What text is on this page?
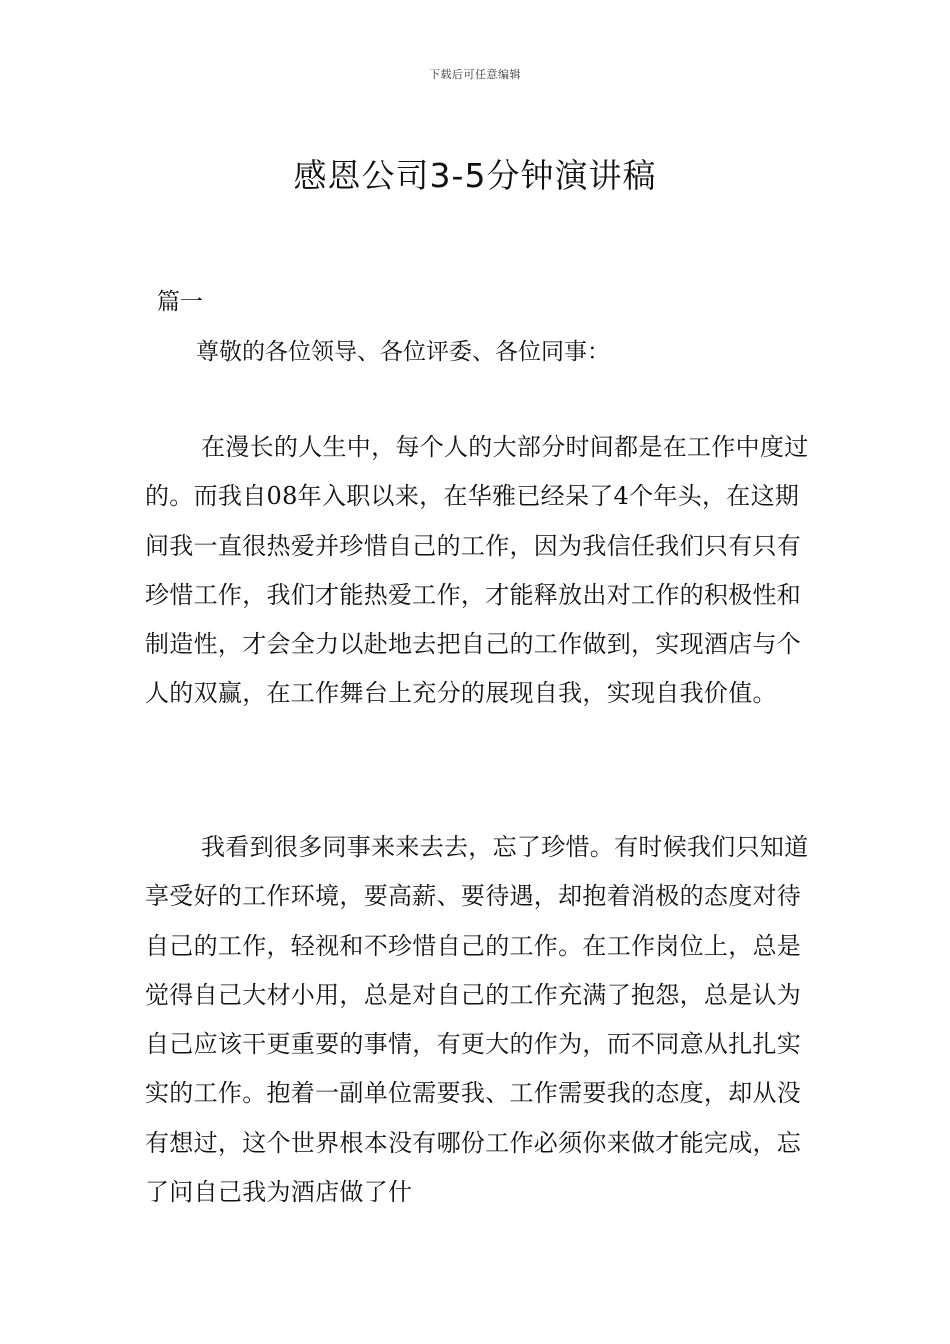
下载后可任意编辑
感恩公司3-5分钟演讲稿
篇一
尊敬的各位领导、各位评委、各位同事：

在漫长的人生中，每个人的大部分时间都是在工作中度过的。而我自08年入职以来，在华雅已经呆了4个年头，在这期间我一直很热爱并珍惜自己的工作，因为我信任我们只有只有珍惜工作，我们才能热爱工作，才能释放出对工作的积极性和制造性，才会全力以赴地去把自己的工作做到，实现酒店与个人的双赢，在工作舞台上充分的展现自我，实现自我价值。

我看到很多同事来来去去，忘了珍惜。有时候我们只知道享受好的工作环境，要高薪、要待遇，却抱着消极的态度对待自己的工作，轻视和不珍惜自己的工作。在工作岗位上，总是觉得自己大材小用，总是对自己的工作充满了抱怨，总是认为自己应该干更重要的事情，有更大的作为，而不同意从扎扎实实的工作。抱着一副单位需要我、工作需要我的态度，却从没有想过，这个世界根本没有哪份工作必须你来做才能完成，忘了问自己我为酒店做了什
